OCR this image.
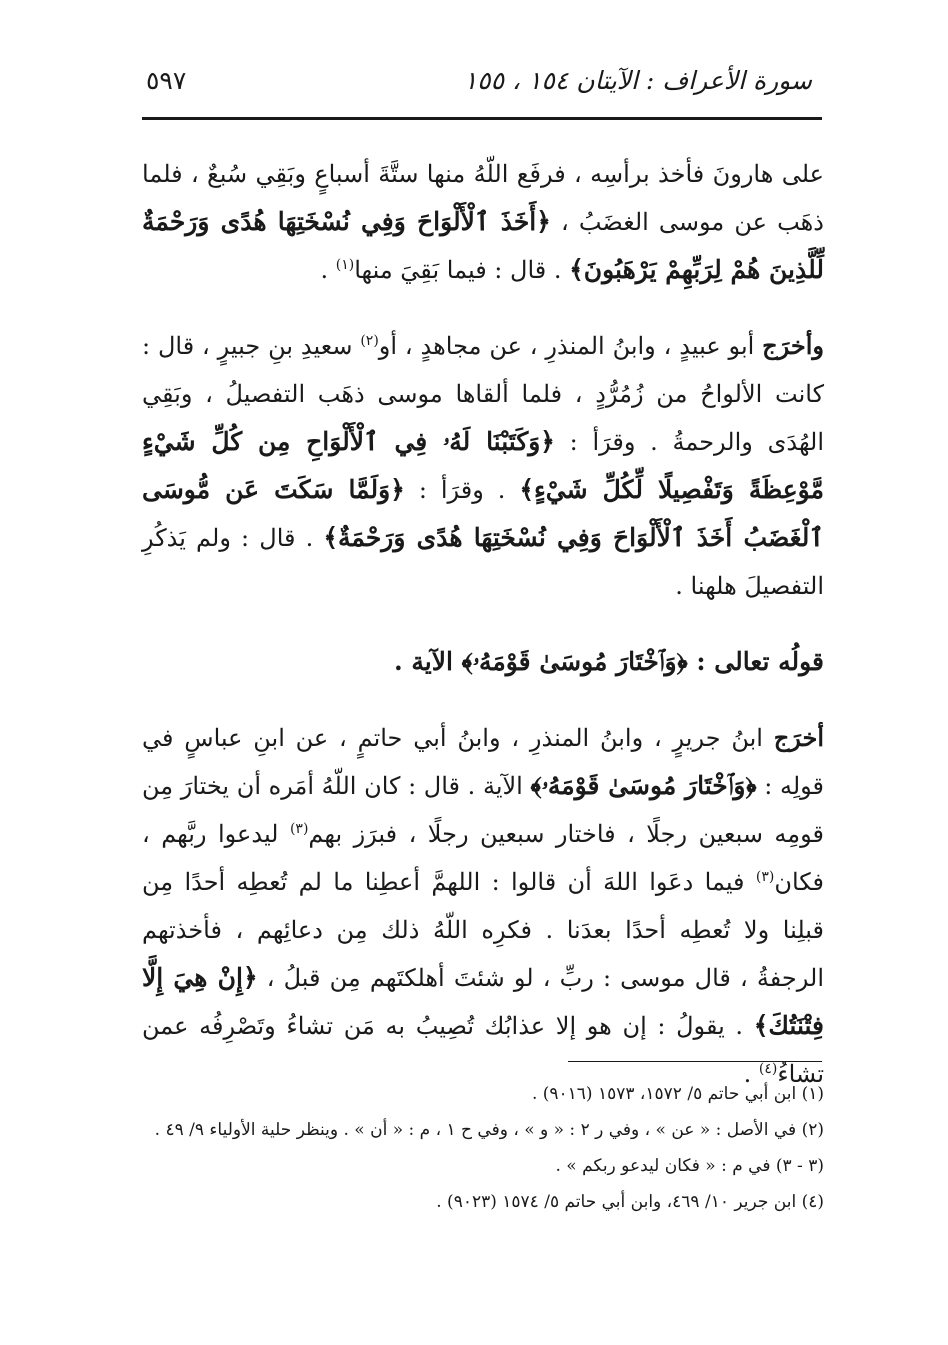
سورة الأعراف : الآيتان ١٥٤ ، ١٥٥
٥٩٧

على هارونَ فأخذ برأسِه ، فرفَع اللّهُ منها ستَّةَ أسباعٍ وبَقِي سُبعٌ ، فلما ذهَب عن موسى الغضَبُ ، ﴿أَخَذَ ٱلْأَلْوَاحَ وَفِي نُسْخَتِهَا هُدًى وَرَحْمَةٌ لِّلَّذِينَ هُمْ لِرَبِّهِمْ يَرْهَبُونَ﴾ . قال : فيما بَقِيَ منها$^{(١)}$ .

وأخرَج أبو عبيدٍ ، وابنُ المنذرِ ، عن مجاهدٍ ، أو$^{(٢)}$ سعيدِ بنِ جبيرٍ ، قال : كانت الألواحُ من زُمُرُّدٍ ، فلما ألقاها موسى ذهَب التفصيلُ ، وبَقِي الهُدَى والرحمةُ . وقرَأ : ﴿وَكَتَبْنَا لَهُۥ فِي ٱلْأَلْوَاحِ مِن كُلِّ شَيْءٍ مَّوْعِظَةً وَتَفْصِيلًا لِّكُلِّ شَيْءٍ﴾ . وقرَأ : ﴿وَلَمَّا سَكَتَ عَن مُّوسَى ٱلْغَضَبُ أَخَذَ ٱلْأَلْوَاحَ وَفِي نُسْخَتِهَا هُدًى وَرَحْمَةٌ﴾ . قال : ولم يَذكُرِ التفصيلَ هلهنا .

قولُه تعالى : ﴿وَٱخْتَارَ مُوسَىٰ قَوْمَهُۥ﴾ الآية .

أخرَج ابنُ جريرٍ ، وابنُ المنذرِ ، وابنُ أبي حاتمٍ ، عن ابنِ عباسٍ في قولِه : ﴿وَٱخْتَارَ مُوسَىٰ قَوْمَهُۥ﴾ الآية . قال : كان اللّهُ أمَره أن يختارَ مِن قومِه سبعين رجلًا ، فاختار سبعين رجلًا ، فبرَز بهم$^{(٣)}$ ليدعوا ربَّهم ، فكان$^{(٣)}$ فيما دعَوا اللهَ أن قالوا : اللهمَّ أعطِنا ما لم تُعطِه أحدًا مِن قبلِنا ولا تُعطِه أحدًا بعدَنا . فكرِه اللّهُ ذلك مِن دعائِهم ، فأخذتهم الرجفةُ ، قال موسى : ربِّ ، لو شئتَ أهلكتَهم مِن قبلُ ، ﴿إِنْ هِيَ إِلَّا فِتْنَتُكَ﴾ . يقولُ : إن هو إلا عذابُك تُصِيبُ به مَن تشاءُ وتَصْرِفُه عمن تشاءُ$^{(٤)}$ .

(١) ابن أبي حاتم ٥/ ١٥٧٢، ١٥٧٣ (٩٠١٦) .
(٢) في الأصل : « عن » ، وفي ر ٢ : « و » ، وفي ح ١ ، م : « أن » . وينظر حلية الأولياء ٩/ ٤٩ .
(٣ - ٣) في م : « فكان ليدعو ربكم » .
(٤) ابن جرير ١٠/ ٤٦٩، وابن أبي حاتم ٥/ ١٥٧٤ (٩٠٢٣) .
